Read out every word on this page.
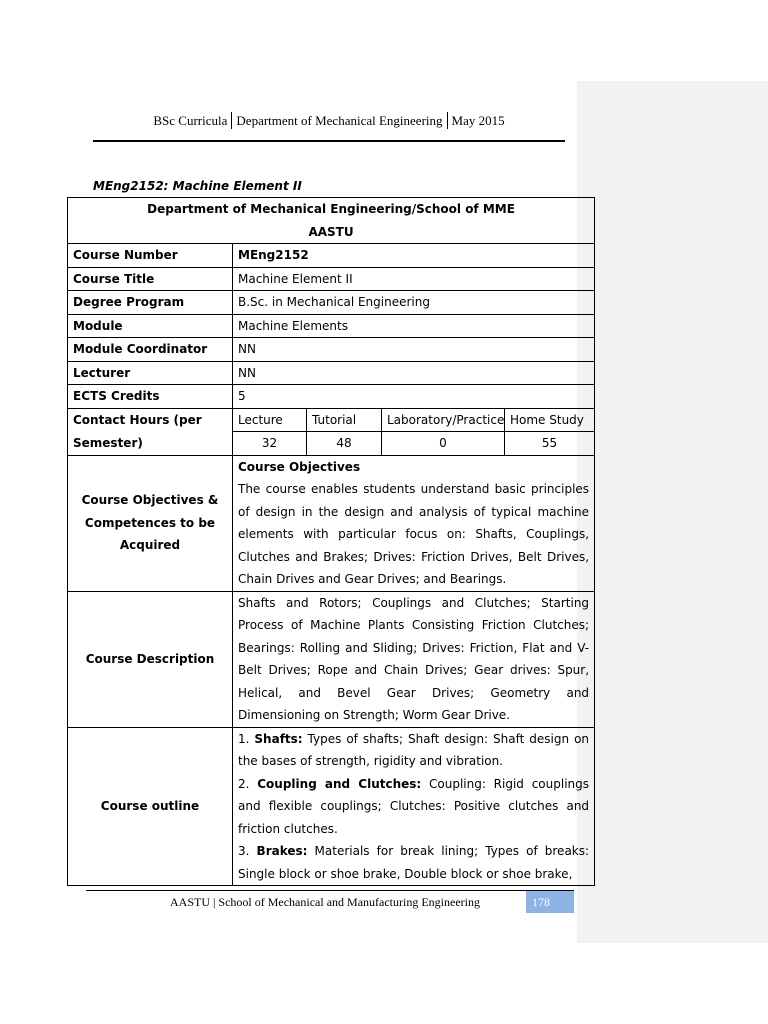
BSc Curricula Department of Mechanical Engineering May 2015
MEng2152: Machine Element II
Department of Mechanical Engineering/School of MME
AASTU				

Course Number	MEng2152			
Course Title	Machine Element II			
Degree Program	B.Sc. in Mechanical Engineering			
Module	Machine Elements			
Module Coordinator	NN			
Lecturer	NN			
ECTS Credits	5			
Contact Hours (per Semester)	Lecture	Tutorial	Laboratory/Practice	Home Study
	32	48	0	55
Course Objectives & Competences to be Acquired	Course Objectives
The course enables students understand basic principles of design in the design and analysis of typical machine elements with particular focus on: Shafts, Couplings, Clutches and Brakes; Drives: Friction Drives, Belt Drives, Chain Drives and Gear Drives; and Bearings.			
Course Description	Shafts and Rotors; Couplings and Clutches; Starting Process of Machine Plants Consisting Friction Clutches; Bearings: Rolling and Sliding; Drives: Friction, Flat and V-Belt Drives; Rope and Chain Drives; Gear drives: Spur, Helical, and Bevel Gear Drives; Geometry and Dimensioning on Strength; Worm Gear Drive.			
Course outline	1. Shafts: Types of shafts; Shaft design: Shaft design on the bases of strength, rigidity and vibration.
2. Coupling and Clutches: Coupling: Rigid couplings and flexible couplings; Clutches: Positive clutches and friction clutches.
3. Brakes: Materials for break lining; Types of breaks: Single block or shoe brake, Double block or shoe brake,			
AASTU | School of Mechanical and Manufacturing Engineering	178
